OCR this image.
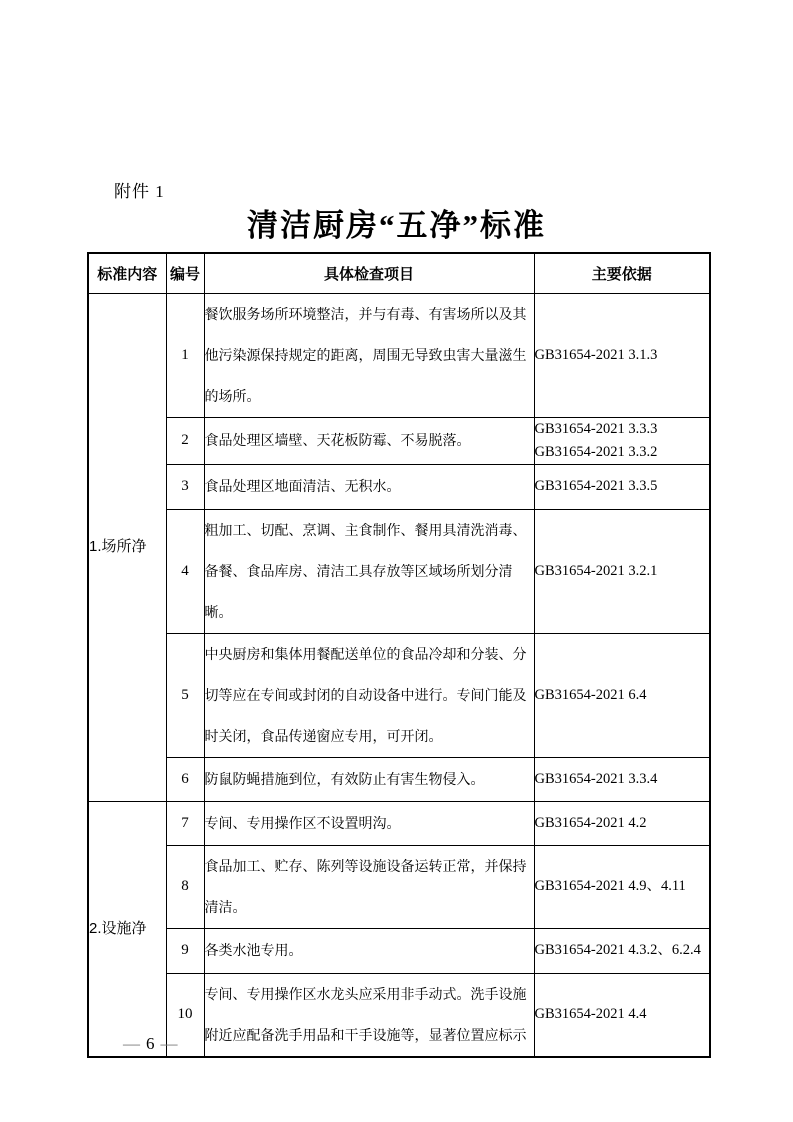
附件 1
清洁厨房“五净”标准
标准内容	编号	具体检查项目	主要依据
1.场所净	1	餐饮服务场所环境整洁，并与有毒、有害场所以及其他污染源保持规定的距离，周围无导致虫害大量滋生的场所。	GB31654-2021 3.1.3

	2	食品处理区墙壁、天花板防霉、不易脱落。	GB31654-2021 3.3.3
GB31654-2021 3.3.2

	3	食品处理区地面清洁、无积水。	GB31654-2021 3.3.5

	4	粗加工、切配、烹调、主食制作、餐用具清洗消毒、备餐、食品库房、清洁工具存放等区域场所划分清晰。	GB31654-2021 3.2.1

	5	中央厨房和集体用餐配送单位的食品冷却和分装、分切等应在专间或封闭的自动设备中进行。专间门能及时关闭，食品传递窗应专用，可开闭。	GB31654-2021 6.4

	6	防鼠防蝇措施到位，有效防止有害生物侵入。	GB31654-2021 3.3.4

2.设施净	7	专间、专用操作区不设置明沟。	GB31654-2021 4.2

	8	食品加工、贮存、陈列等设施设备运转正常，并保持清洁。	GB31654-2021 4.9、4.11

	9	各类水池专用。	GB31654-2021 4.3.2、6.2.4

	10	专间、专用操作区水龙头应采用非手动式。洗手设施附近应配备洗手用品和干手设施等，显著位置应标示	GB31654-2021 4.4
— 6 —
